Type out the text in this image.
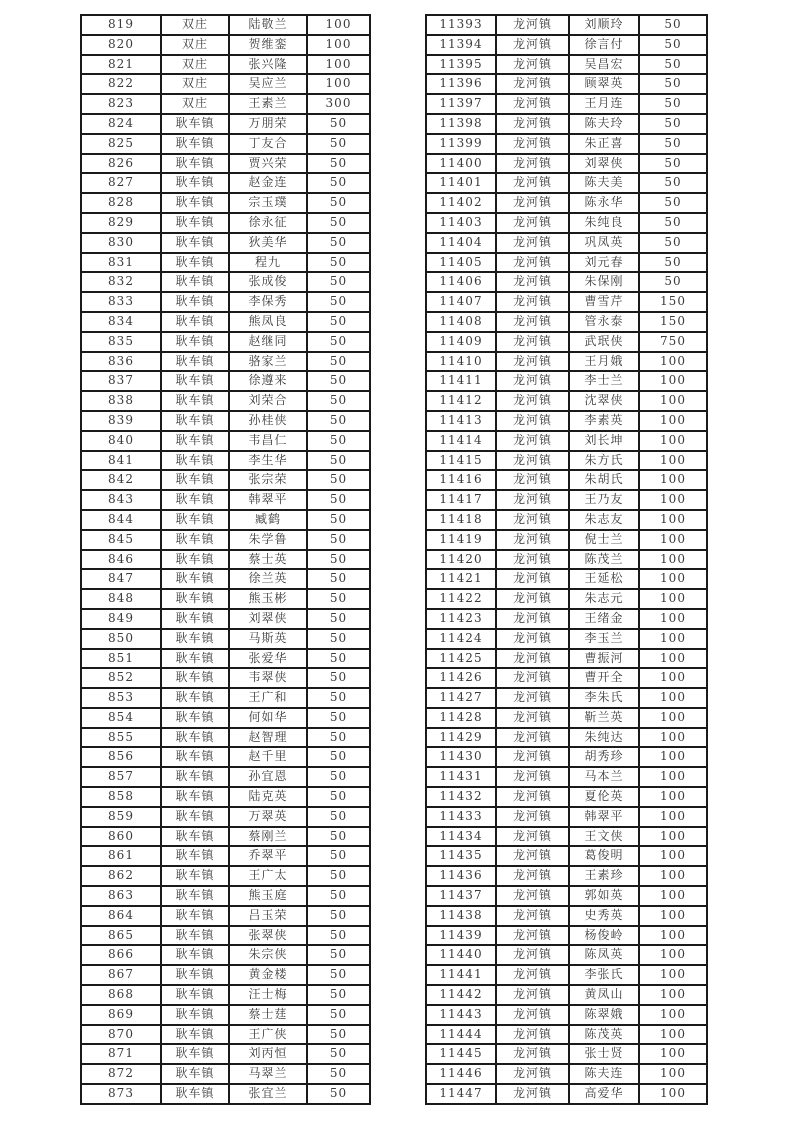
819	双庄	陆敬兰	100
820	双庄	贺维銮	100
821	双庄	张兴隆	100
822	双庄	吴应兰	100
823	双庄	王素兰	300
824	耿车镇	万朋荣	50
825	耿车镇	丁友合	50
826	耿车镇	贾兴荣	50
827	耿车镇	赵金连	50
828	耿车镇	宗玉璞	50
829	耿车镇	徐永征	50
830	耿车镇	狄美华	50
831	耿车镇	程九	50
832	耿车镇	张成俊	50
833	耿车镇	李保秀	50
834	耿车镇	熊凤良	50
835	耿车镇	赵继同	50
836	耿车镇	骆家兰	50
837	耿车镇	徐遵来	50
838	耿车镇	刘荣合	50
839	耿车镇	孙桂侠	50
840	耿车镇	韦昌仁	50
841	耿车镇	李生华	50
842	耿车镇	张宗荣	50
843	耿车镇	韩翠平	50
844	耿车镇	臧鹤	50
845	耿车镇	朱学鲁	50
846	耿车镇	蔡士英	50
847	耿车镇	徐兰英	50
848	耿车镇	熊玉彬	50
849	耿车镇	刘翠侠	50
850	耿车镇	马斯英	50
851	耿车镇	张爱华	50
852	耿车镇	韦翠侠	50
853	耿车镇	王广和	50
854	耿车镇	何如华	50
855	耿车镇	赵智理	50
856	耿车镇	赵千里	50
857	耿车镇	孙宜恩	50
858	耿车镇	陆克英	50
859	耿车镇	万翠英	50
860	耿车镇	蔡刚兰	50
861	耿车镇	乔翠平	50
862	耿车镇	王广太	50
863	耿车镇	熊玉庭	50
864	耿车镇	吕玉荣	50
865	耿车镇	张翠侠	50
866	耿车镇	朱宗侠	50
867	耿车镇	黄金楼	50
868	耿车镇	汪士梅	50
869	耿车镇	蔡士莛	50
870	耿车镇	王广侠	50
871	耿车镇	刘丙恒	50
872	耿车镇	马翠兰	50
873	耿车镇	张宜兰	50
11393	龙河镇	刘顺玲	50
11394	龙河镇	徐言付	50
11395	龙河镇	吴昌宏	50
11396	龙河镇	顾翠英	50
11397	龙河镇	王月连	50
11398	龙河镇	陈夫玲	50
11399	龙河镇	朱正喜	50
11400	龙河镇	刘翠侠	50
11401	龙河镇	陈夫美	50
11402	龙河镇	陈永华	50
11403	龙河镇	朱纯良	50
11404	龙河镇	巩凤英	50
11405	龙河镇	刘元春	50
11406	龙河镇	朱保刚	50
11407	龙河镇	曹雪芹	150
11408	龙河镇	管永泰	150
11409	龙河镇	武珉侠	750
11410	龙河镇	王月娥	100
11411	龙河镇	李士兰	100
11412	龙河镇	沈翠侠	100
11413	龙河镇	李素英	100
11414	龙河镇	刘长坤	100
11415	龙河镇	朱方氏	100
11416	龙河镇	朱胡氏	100
11417	龙河镇	王乃友	100
11418	龙河镇	朱志友	100
11419	龙河镇	倪士兰	100
11420	龙河镇	陈茂兰	100
11421	龙河镇	王延松	100
11422	龙河镇	朱志元	100
11423	龙河镇	王绪金	100
11424	龙河镇	李玉兰	100
11425	龙河镇	曹振河	100
11426	龙河镇	曹开全	100
11427	龙河镇	李朱氏	100
11428	龙河镇	靳兰英	100
11429	龙河镇	朱纯达	100
11430	龙河镇	胡秀珍	100
11431	龙河镇	马本兰	100
11432	龙河镇	夏伦英	100
11433	龙河镇	韩翠平	100
11434	龙河镇	王文侠	100
11435	龙河镇	葛俊明	100
11436	龙河镇	王素珍	100
11437	龙河镇	郭如英	100
11438	龙河镇	史秀英	100
11439	龙河镇	杨俊岭	100
11440	龙河镇	陈凤英	100
11441	龙河镇	李张氏	100
11442	龙河镇	黄凤山	100
11443	龙河镇	陈翠娥	100
11444	龙河镇	陈茂英	100
11445	龙河镇	张士贤	100
11446	龙河镇	陈夫连	100
11447	龙河镇	高爱华	100
